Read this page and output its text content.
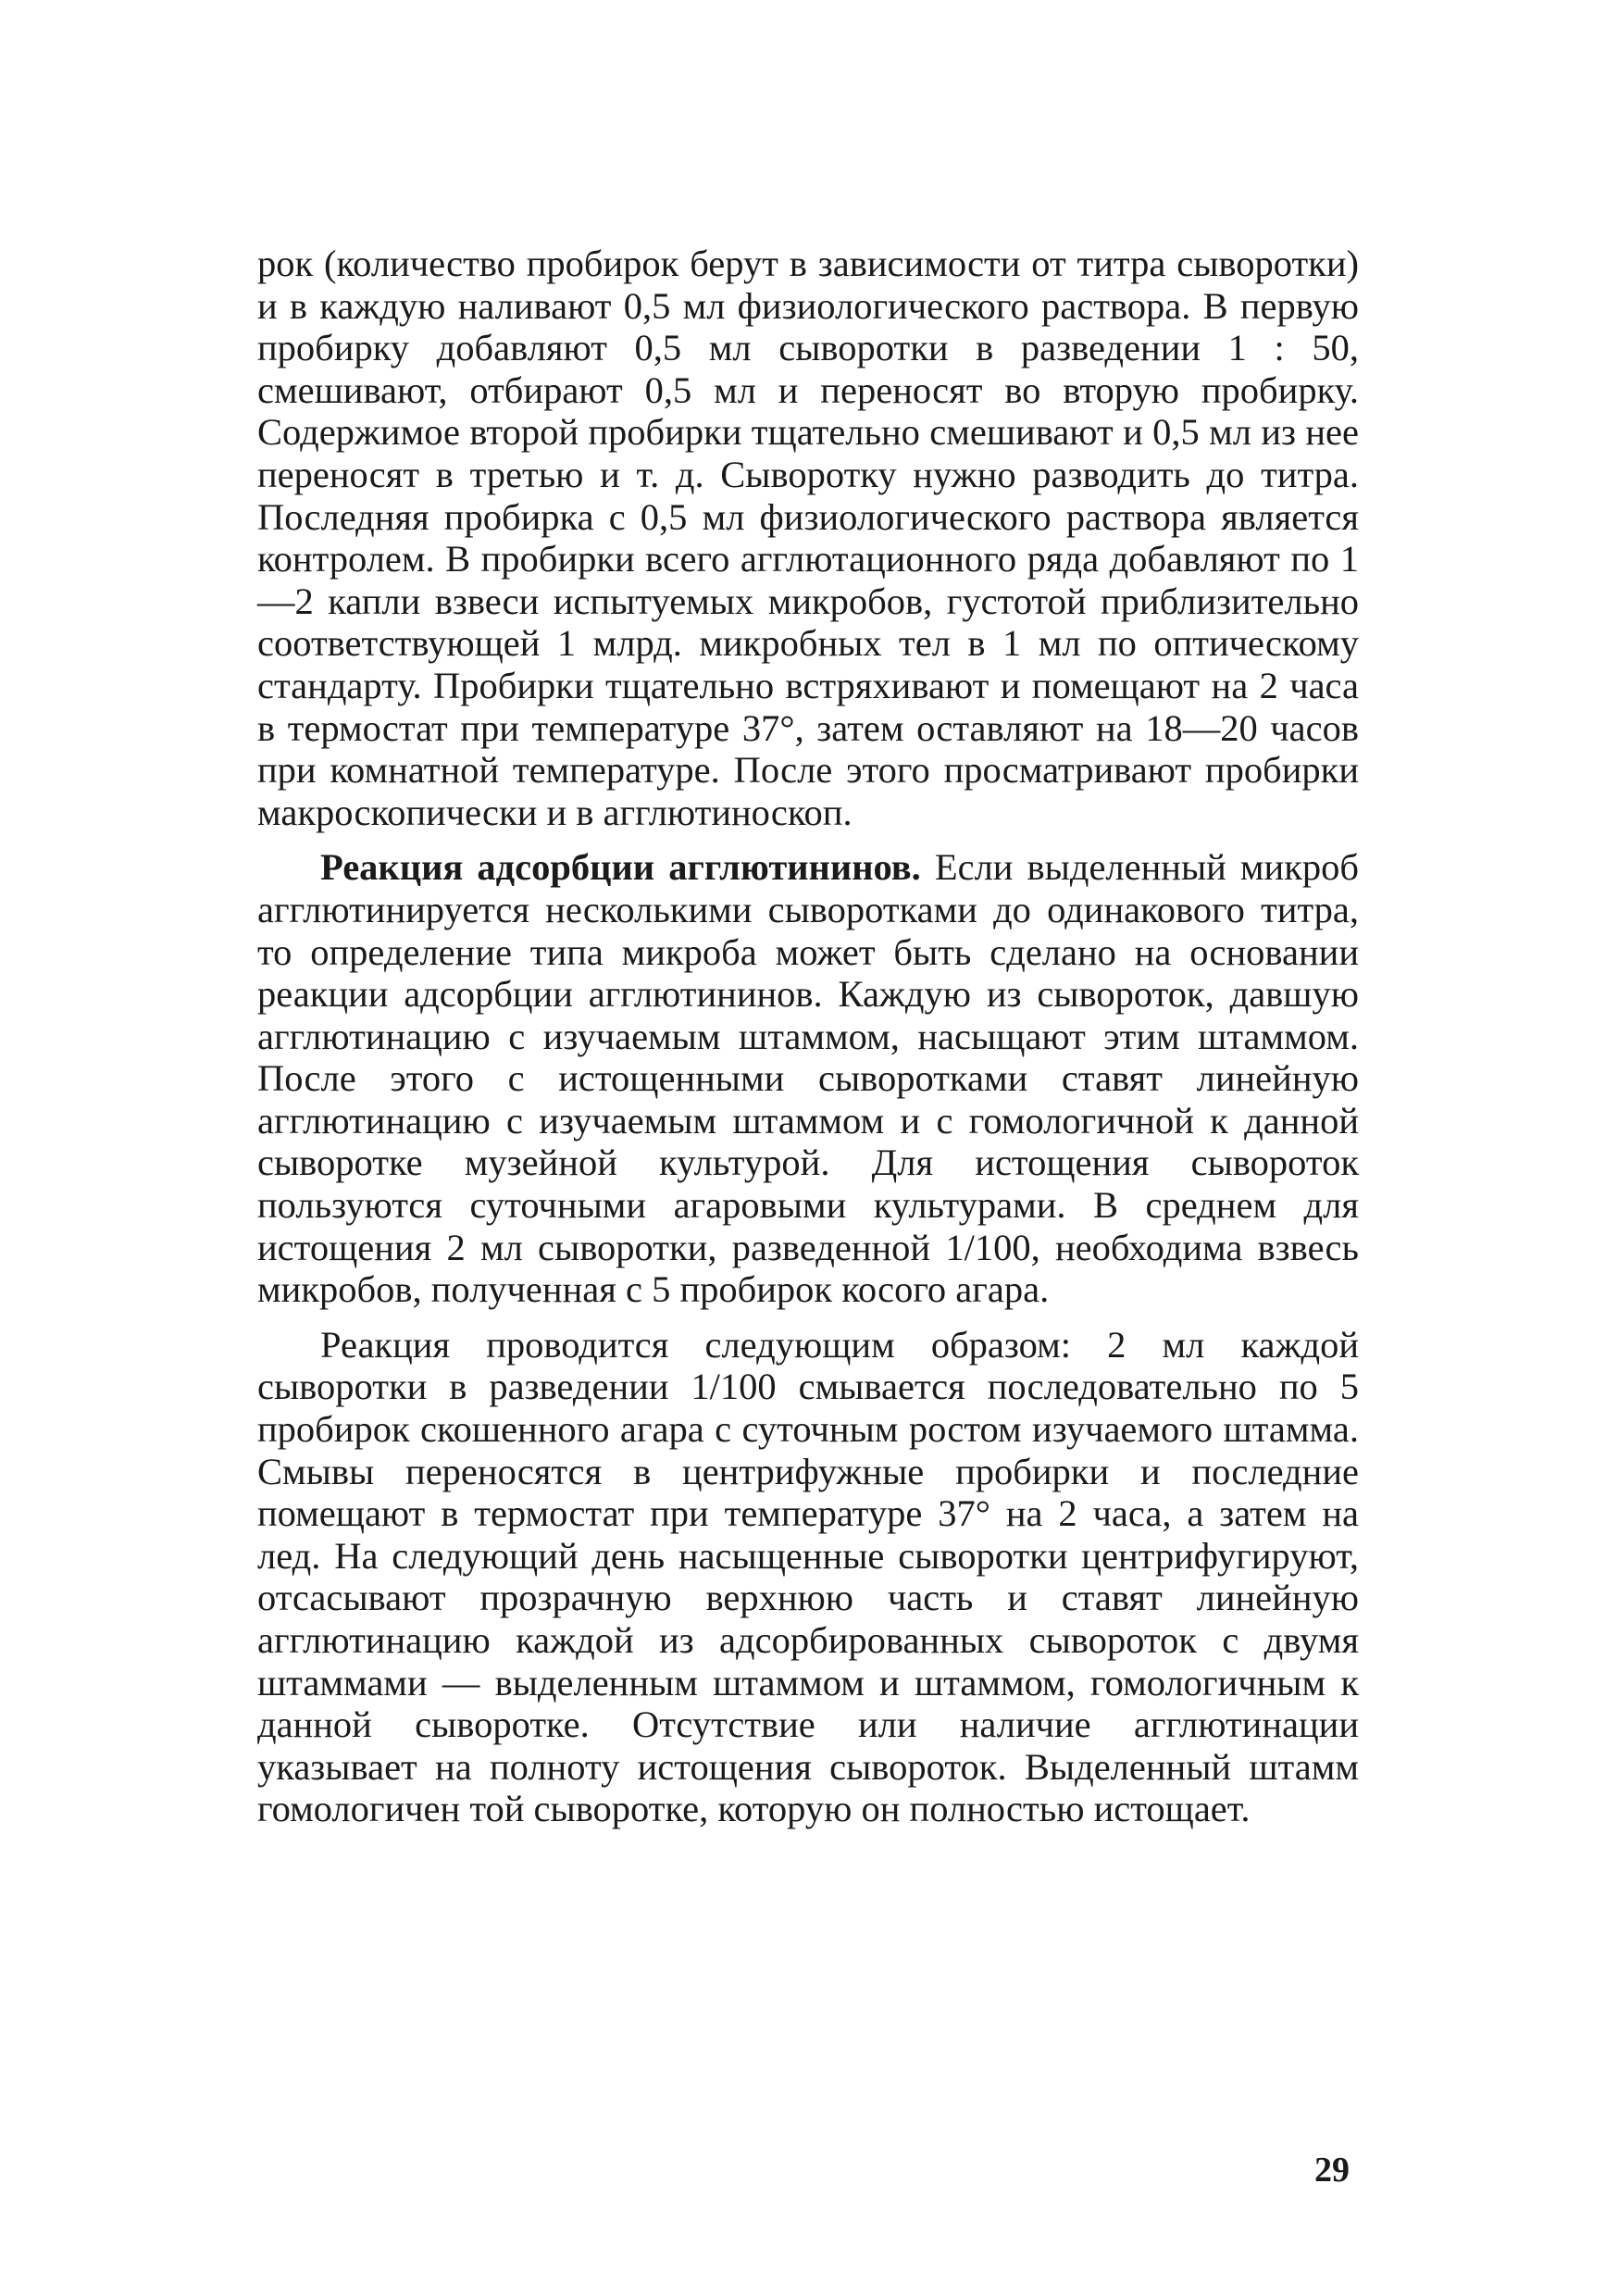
рок (количество пробирок берут в зависимости от титра сыворотки) и в каждую наливают 0,5 мл физиологического раствора. В первую пробирку добавляют 0,5 мл сыворотки в разведении 1 : 50, смешивают, отбирают 0,5 мл и переносят во вторую пробирку. Содержимое второй пробирки тщательно смешивают и 0,5 мл из нее переносят в третью и т. д. Сыворотку нужно разводить до титра. Последняя пробирка с 0,5 мл физиологического раствора является контролем. В пробирки всего агглютационного ряда добавляют по 1—2 капли взвеси испытуемых микробов, густотой приблизительно соответствующей 1 млрд. микробных тел в 1 мл по оптическому стандарту. Пробирки тщательно встряхивают и помещают на 2 часа в термостат при температуре 37°, затем оставляют на 18—20 часов при комнатной температуре. После этого просматривают пробирки макроскопически и в агглютиноскоп.

Реакция адсорбции агглютининов. Если выделенный микроб агглютинируется несколькими сыворотками до одинакового титра, то определение типа микроба может быть сделано на основании реакции адсорбции агглютининов. Каждую из сывороток, давшую агглютинацию с изучаемым штаммом, насыщают этим штаммом. После этого с истощенными сыворотками ставят линейную агглютинацию с изучаемым штаммом и с гомологичной к данной сыворотке музейной культурой. Для истощения сывороток пользуются суточными агаровыми культурами. В среднем для истощения 2 мл сыворотки, разведенной 1/100, необходима взвесь микробов, полученная с 5 пробирок косого агара.

Реакция проводится следующим образом: 2 мл каждой сыворотки в разведении 1/100 смывается последовательно по 5 пробирок скошенного агара с суточным ростом изучаемого штамма. Смывы переносятся в центрифужные пробирки и последние помещают в термостат при температуре 37° на 2 часа, а затем на лед. На следующий день насыщенные сыворотки центрифугируют, отсасывают прозрачную верхнюю часть и ставят линейную агглютинацию каждой из адсорбированных сывороток с двумя штаммами — выделенным штаммом и штаммом, гомологичным к данной сыворотке. Отсутствие или наличие агглютинации указывает на полноту истощения сывороток. Выделенный штамм гомологичен той сыворотке, которую он полностью истощает.

29
